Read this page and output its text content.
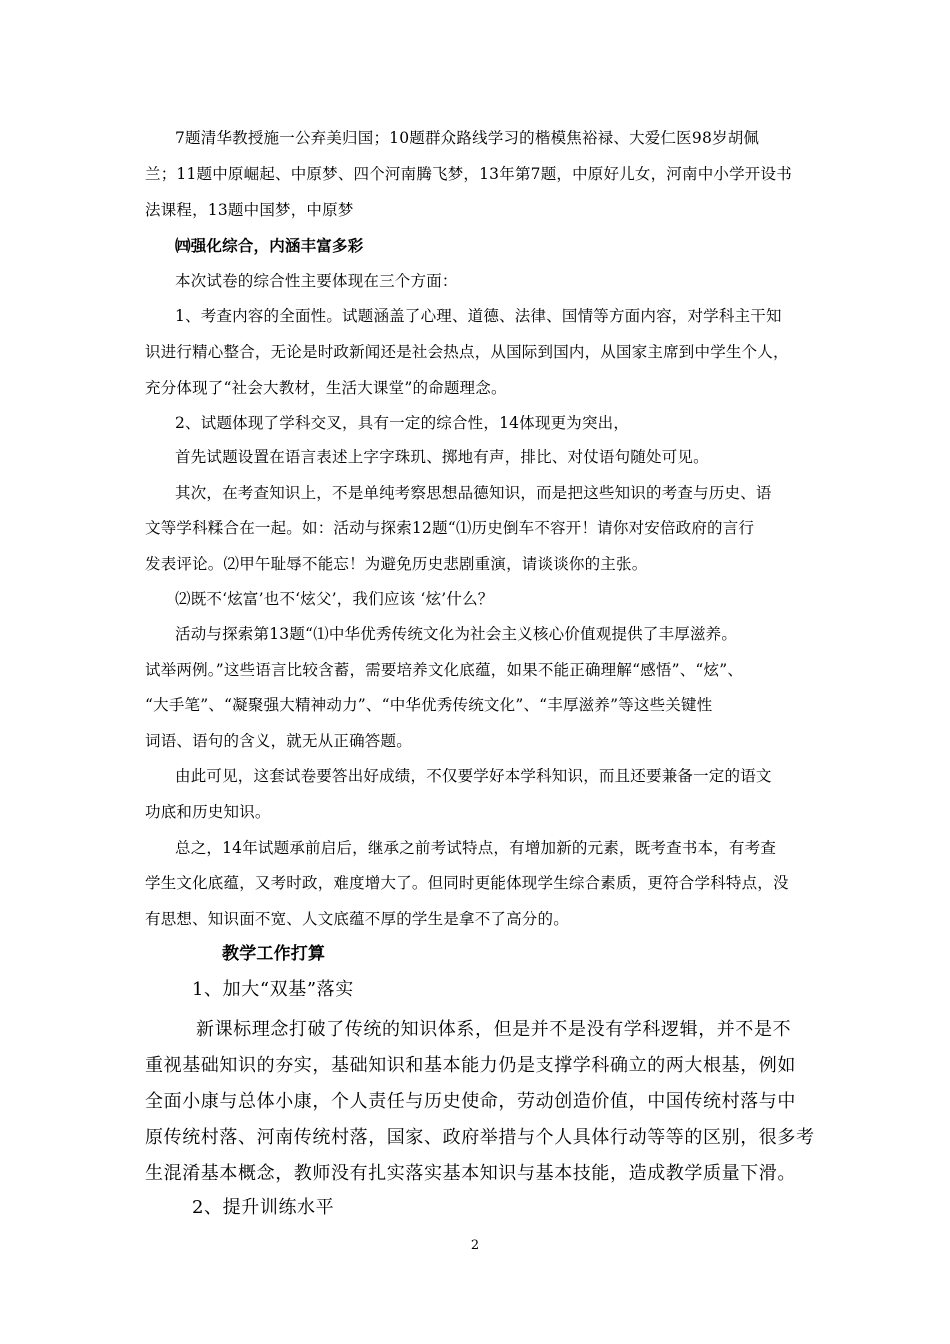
7题清华教授施一公弃美归国；10题群众路线学习的楷模焦裕禄、大爱仁医98岁胡佩
兰；11题中原崛起、中原梦、四个河南腾飞梦，13年第7题，中原好儿女，河南中小学开设书
法课程，13题中国梦，中原梦
㈣强化综合，内涵丰富多彩
本次试卷的综合性主要体现在三个方面：
1、考查内容的全面性。试题涵盖了心理、道德、法律、国情等方面内容，对学科主干知
识进行精心整合，无论是时政新闻还是社会热点，从国际到国内，从国家主席到中学生个人，
充分体现了“社会大教材，生活大课堂”的命题理念。
2、试题体现了学科交叉，具有一定的综合性，14体现更为突出，
首先试题设置在语言表述上字字珠玑、掷地有声，排比、对仗语句随处可见。
其次，在考查知识上，不是单纯考察思想品德知识，而是把这些知识的考查与历史、语
文等学科糅合在一起。如：活动与探索12题“⑴历史倒车不容开！请你对安倍政府的言行
发表评论。⑵甲午耻辱不能忘！为避免历史悲剧重演，请谈谈你的主张。
⑵既不‘炫富’也不‘炫父’，我们应该 ‘炫’什么？
活动与探索第13题“⑴中华优秀传统文化为社会主义核心价值观提供了丰厚滋养。
试举两例。”这些语言比较含蓄，需要培养文化底蕴，如果不能正确理解“感悟”、“炫”、
“大手笔”、“凝聚强大精神动力”、“中华优秀传统文化”、“丰厚滋养”等这些关键性
词语、语句的含义，就无从正确答题。
由此可见，这套试卷要答出好成绩，不仅要学好本学科知识，而且还要兼备一定的语文
功底和历史知识。
总之，14年试题承前启后，继承之前考试特点，有增加新的元素，既考查书本，有考查
学生文化底蕴，又考时政，难度增大了。但同时更能体现学生综合素质，更符合学科特点，没
有思想、知识面不宽、人文底蕴不厚的学生是拿不了高分的。
教学工作打算
1、加大“双基”落实
新课标理念打破了传统的知识体系，但是并不是没有学科逻辑，并不是不
重视基础知识的夯实，基础知识和基本能力仍是支撑学科确立的两大根基，例如
全面小康与总体小康，个人责任与历史使命，劳动创造价值，中国传统村落与中
原传统村落、河南传统村落，国家、政府举措与个人具体行动等等的区别，很多考
生混淆基本概念，教师没有扎实落实基本知识与基本技能，造成教学质量下滑。
2、提升训练水平
2
